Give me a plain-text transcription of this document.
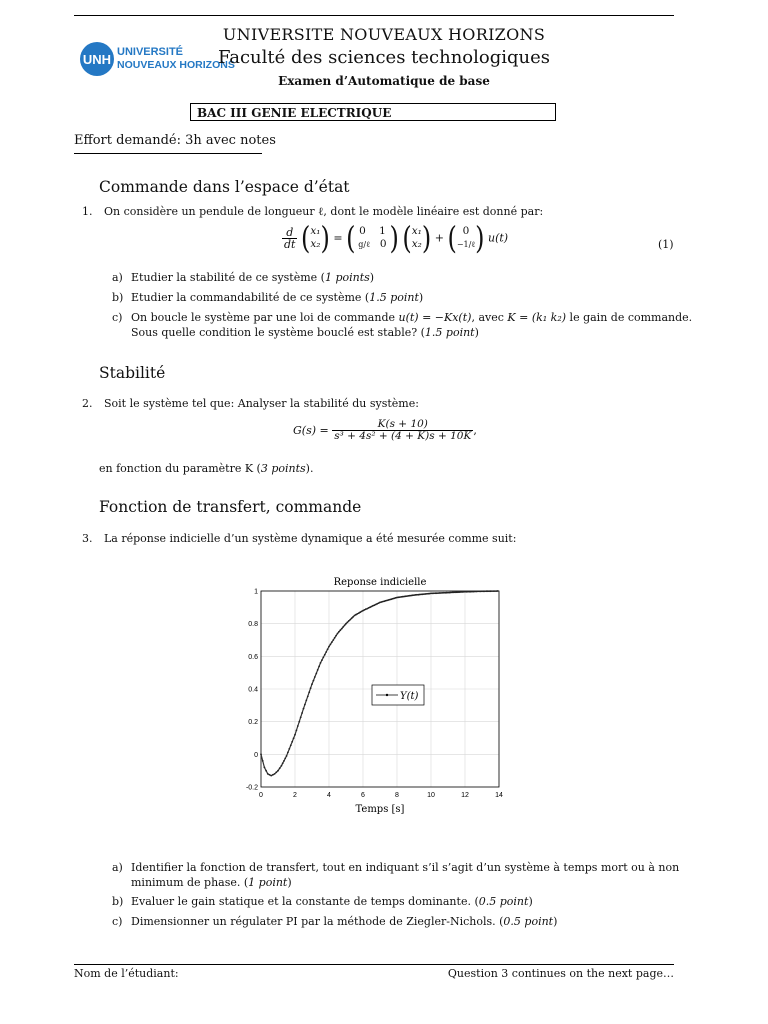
UNH UNIVERSITÉ
NOUVEAUX HORIZONS
UNIVERSITE NOUVEAUX HORIZONS
Faculté des sciences technologiques
Examen d’Automatique de base
BAC III GENIE ELECTRIQUE
Effort demandé: 3h avec notes
Commande dans l’espace d’état
1. On considère un pendule de longueur ℓ, dont le modèle linéaire est donné par:
$\frac{d}{dt} (x_1$
x₂) = ( 0    1
g/ℓ   0 ) (x₁
x₂) + ( 0
−1/ℓ) u(t)	(1)
a) Etudier la stabilité de ce système (1 points)
b) Etudier la commandabilité de ce système (1.5 point)
c) On boucle le système par une loi de commande u(t) = −Kx(t), avec K = (k₁ k₂) le gain de commande.
Sous quelle condition le système bouclé est stable? (1.5 point)
Stabilité
2. Soit le système tel que: Analyser la stabilité du système:
$G(s) = \frac{K(s + 10)}{\text{s³ + 4s² + (4 + K)s + 10K}}$ ,
en fonction du paramètre K (3 points).
Fonction de transfert, commande
3. La réponse indicielle d’un système dynamique a été mesurée comme suit:
Reponse indicielle
0	2	4	6	8	10	12	14
-0.2
0
0.2
0.4
0.6
0.8
1
Y(t)
Temps [s]
a) Identifier la fonction de transfert, tout en indiquant s’il s’agit d’un système à temps mort ou à non
minimum de phase. (1 point)
b) Evaluer le gain statique et la constante de temps dominante. (0.5 point)
c) Dimensionner un régulater PI par la méthode de Ziegler-Nichols. (0.5 point)
Nom de l’étudiant:	Question 3 continues on the next page…
